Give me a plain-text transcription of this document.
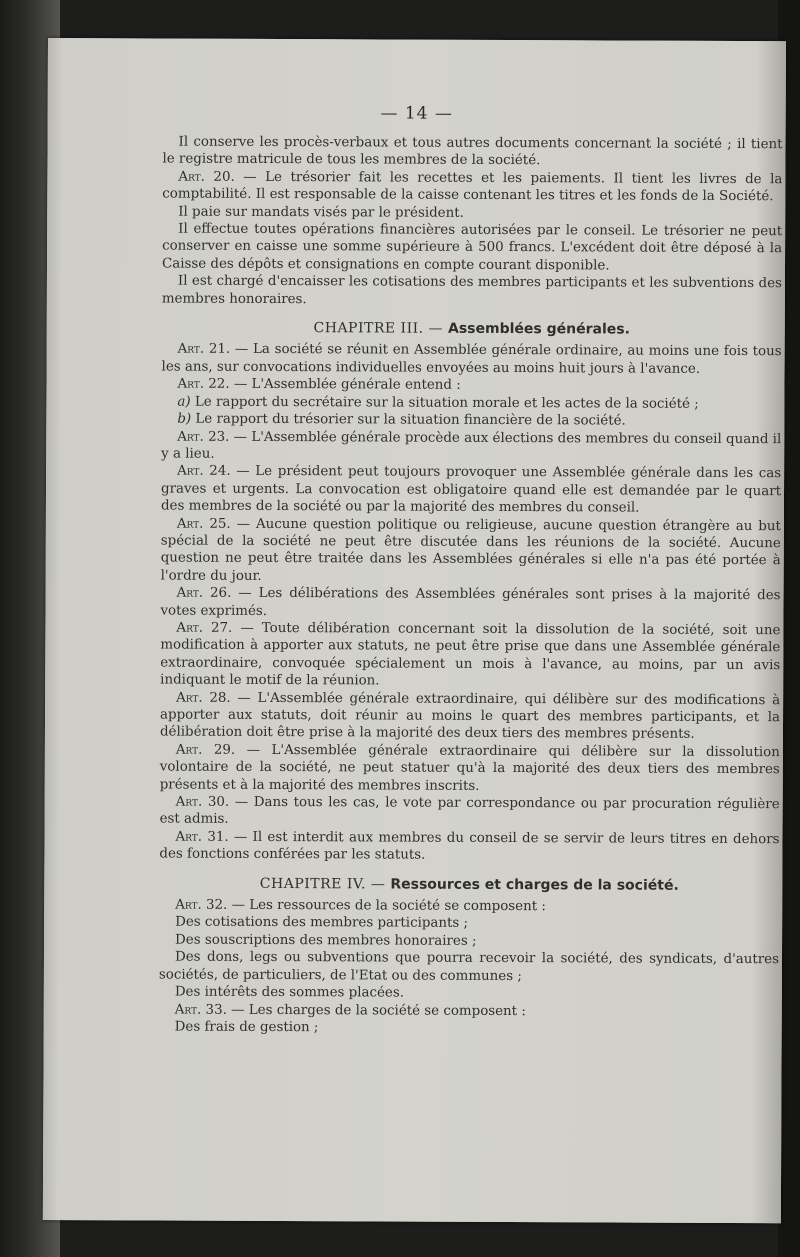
— 14 —

Il conserve les procès-verbaux et tous autres documents concernant la société ; il tient le registre matricule de tous les membres de la société.

Art. 20. — Le trésorier fait les recettes et les paiements. Il tient les livres de la comptabilité. Il est responsable de la caisse contenant les titres et les fonds de la Société.

Il paie sur mandats visés par le président.

Il effectue toutes opérations financières autorisées par le conseil. Le trésorier ne peut conserver en caisse une somme supérieure à 500 francs. L'excédent doit être déposé à la Caisse des dépôts et consignations en compte courant disponible.

Il est chargé d'encaisser les cotisations des membres participants et les subventions des membres honoraires.

CHAPITRE III. — Assemblées générales.

Art. 21. — La société se réunit en Assemblée générale ordinaire, au moins une fois tous les ans, sur convocations individuelles envoyées au moins huit jours à l'avance.

Art. 22. — L'Assemblée générale entend :

a) Le rapport du secrétaire sur la situation morale et les actes de la société ;

b) Le rapport du trésorier sur la situation financière de la société.

Art. 23. — L'Assemblée générale procède aux élections des membres du conseil quand il y a lieu.

Art. 24. — Le président peut toujours provoquer une Assemblée générale dans les cas graves et urgents. La convocation est obligatoire quand elle est demandée par le quart des membres de la société ou par la majorité des membres du conseil.

Art. 25. — Aucune question politique ou religieuse, aucune question étrangère au but spécial de la société ne peut être discutée dans les réunions de la société. Aucune question ne peut être traitée dans les Assemblées générales si elle n'a pas été portée à l'ordre du jour.

Art. 26. — Les délibérations des Assemblées générales sont prises à la majorité des votes exprimés.

Art. 27. — Toute délibération concernant soit la dissolution de la société, soit une modification à apporter aux statuts, ne peut être prise que dans une Assemblée générale extraordinaire, convoquée spécialement un mois à l'avance, au moins, par un avis indiquant le motif de la réunion.

Art. 28. — L'Assemblée générale extraordinaire, qui délibère sur des modifications à apporter aux statuts, doit réunir au moins le quart des membres participants, et la délibération doit être prise à la majorité des deux tiers des membres présents.

Art. 29. — L'Assemblée générale extraordinaire qui délibère sur la dissolution volontaire de la société, ne peut statuer qu'à la majorité des deux tiers des membres présents et à la majorité des membres inscrits.

Art. 30. — Dans tous les cas, le vote par correspondance ou par procuration régulière est admis.

Art. 31. — Il est interdit aux membres du conseil de se servir de leurs titres en dehors des fonctions conférées par les statuts.

CHAPITRE IV. — Ressources et charges de la société.

Art. 32. — Les ressources de la société se composent :

Des cotisations des membres participants ;

Des souscriptions des membres honoraires ;

Des dons, legs ou subventions que pourra recevoir la société, des syndicats, d'autres sociétés, de particuliers, de l'Etat ou des communes ;

Des intérêts des sommes placées.

Art. 33. — Les charges de la société se composent :

Des frais de gestion ;
